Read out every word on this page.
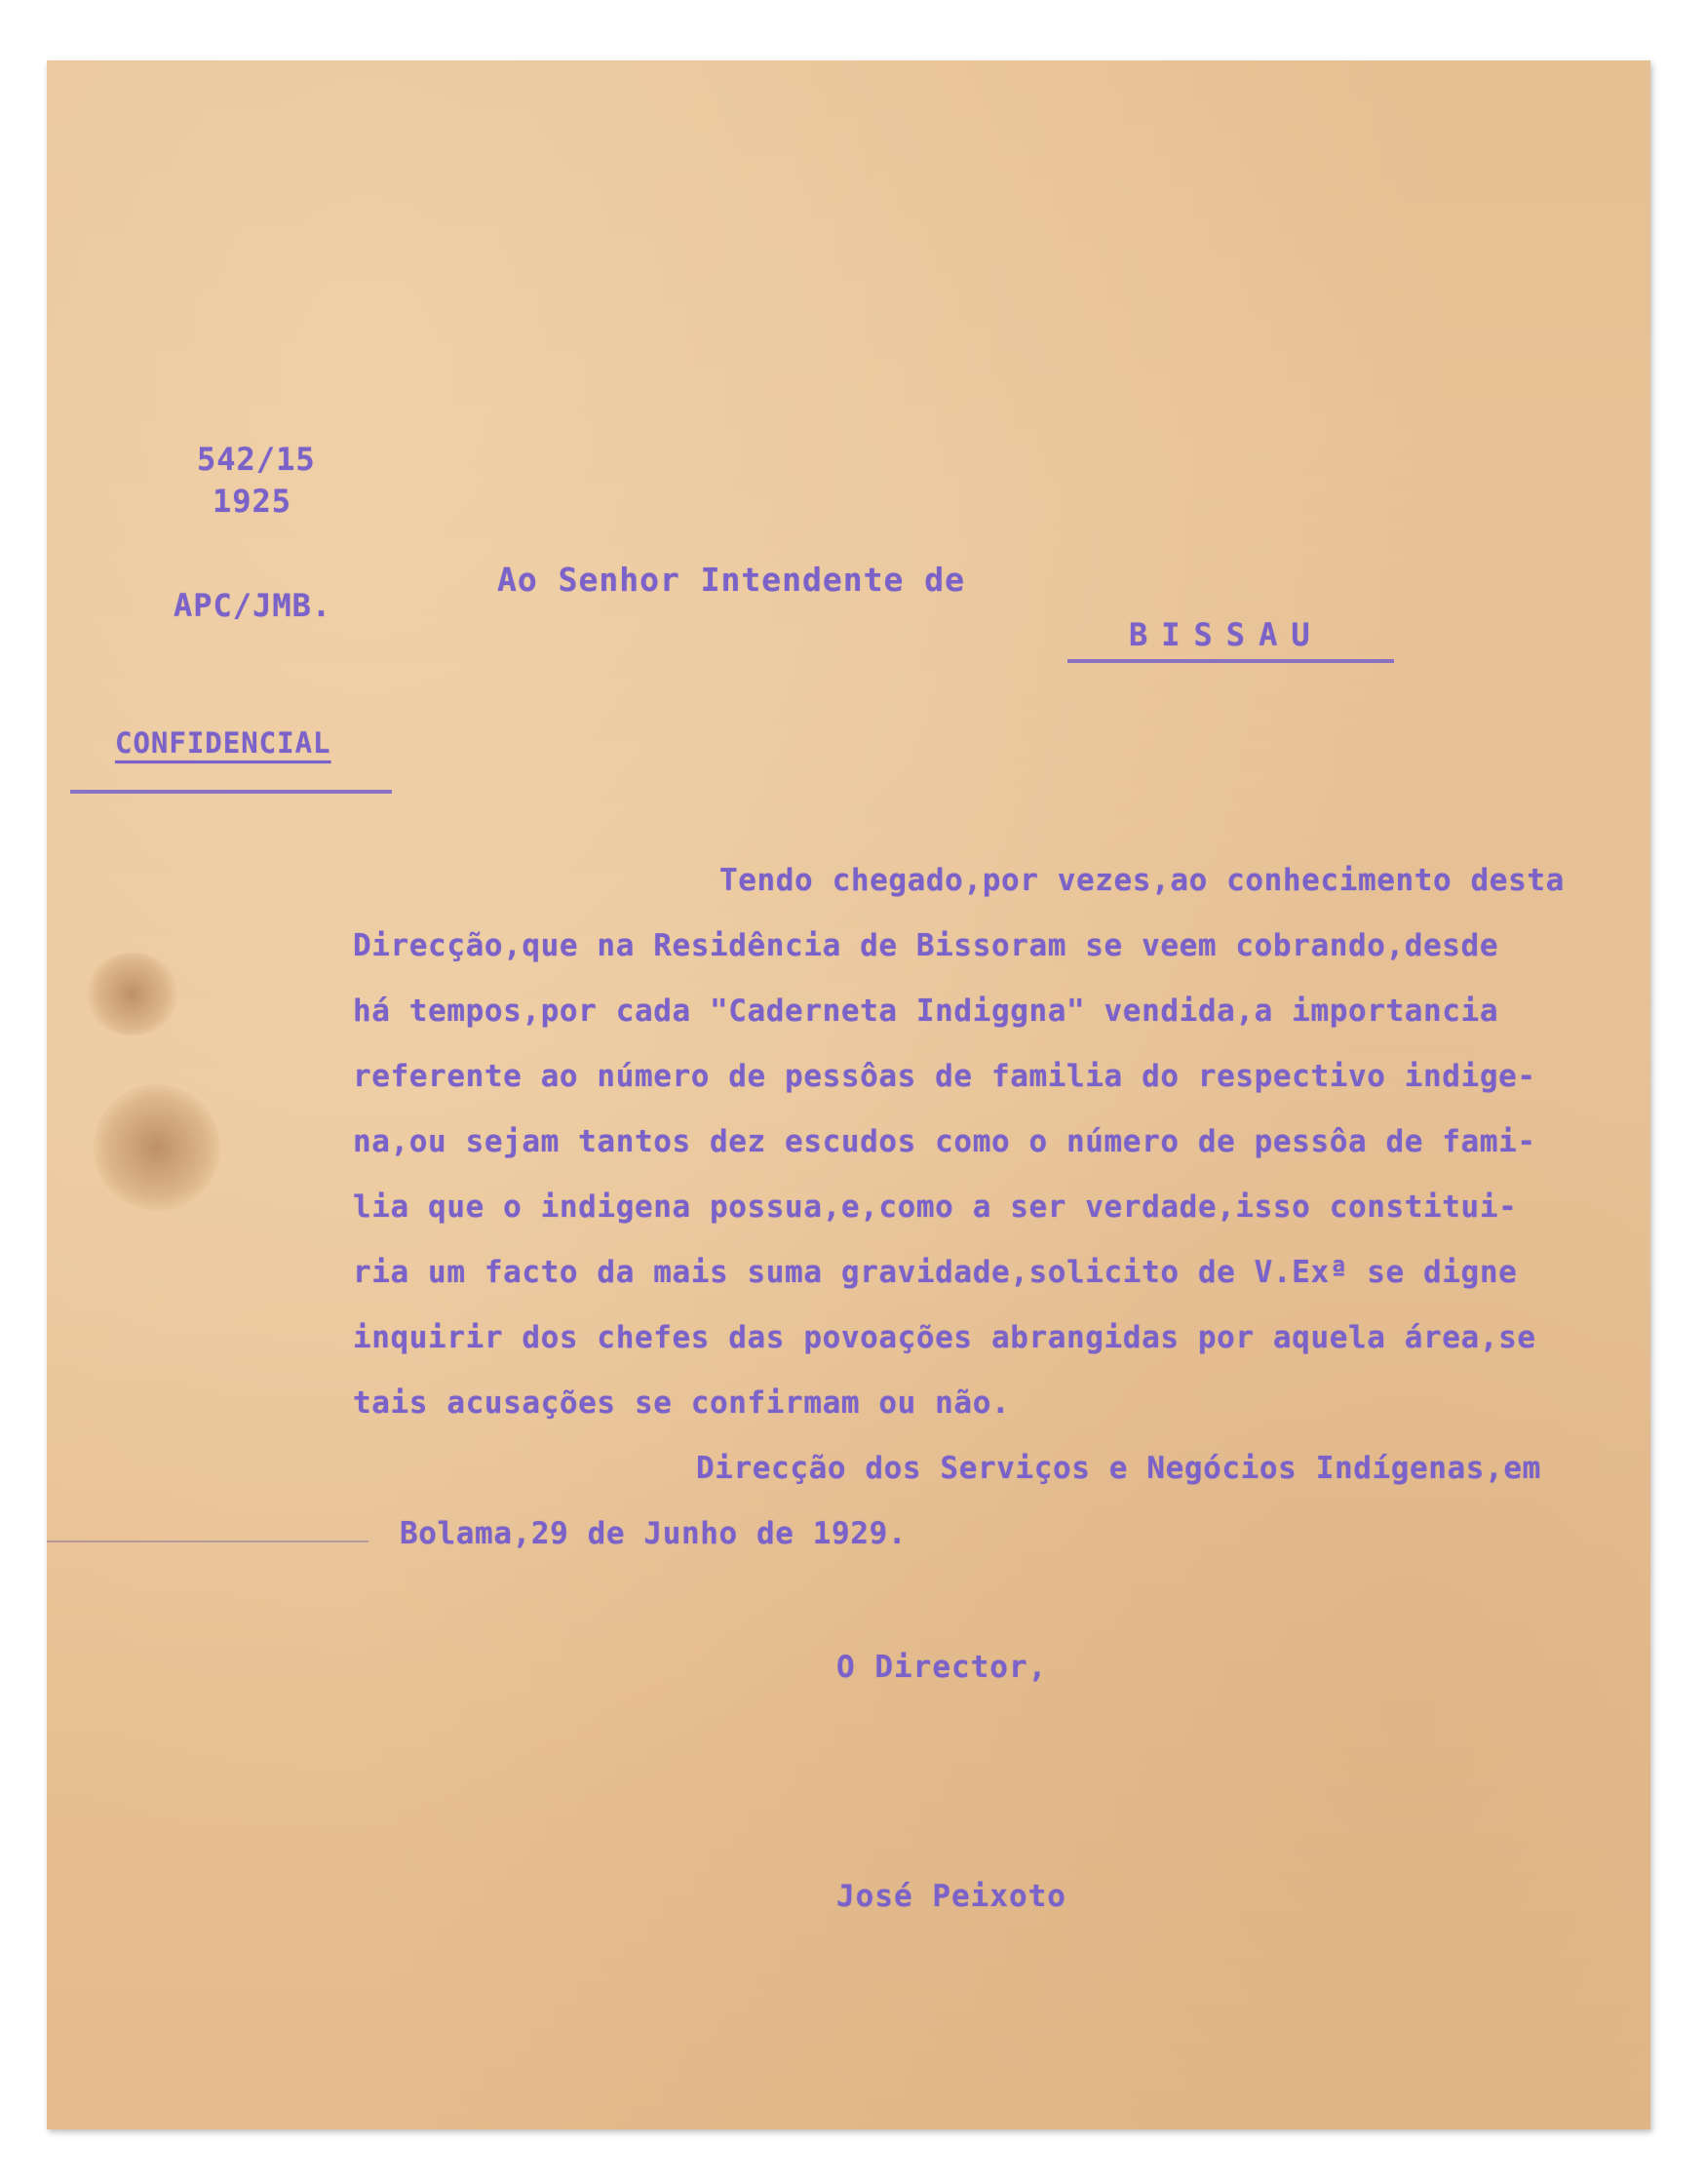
542/15
1925
APC/JMB.
CONFIDENCIAL
Ao Senhor Intendente de
BISSAU
Tendo chegado,por vezes,ao conhecimento desta
Direcção,que na Residência de Bissoram se veem cobrando,desde
há tempos,por cada "Caderneta Indiggna" vendida,a importancia
referente ao número de pessôas de familia do respectivo indige-
na,ou sejam tantos dez escudos como o número de pessôa de fami-
lia que o indigena possua,e,como a ser verdade,isso constitui-
ria um facto da mais suma gravidade,solicito de V.Exª se digne
inquirir dos chefes das povoações abrangidas por aquela área,se
tais acusações se confirmam ou não.
Direcção dos Serviços e Negócios Indígenas,em
Bolama,29 de Junho de 1929.
O Director,
José Peixoto
